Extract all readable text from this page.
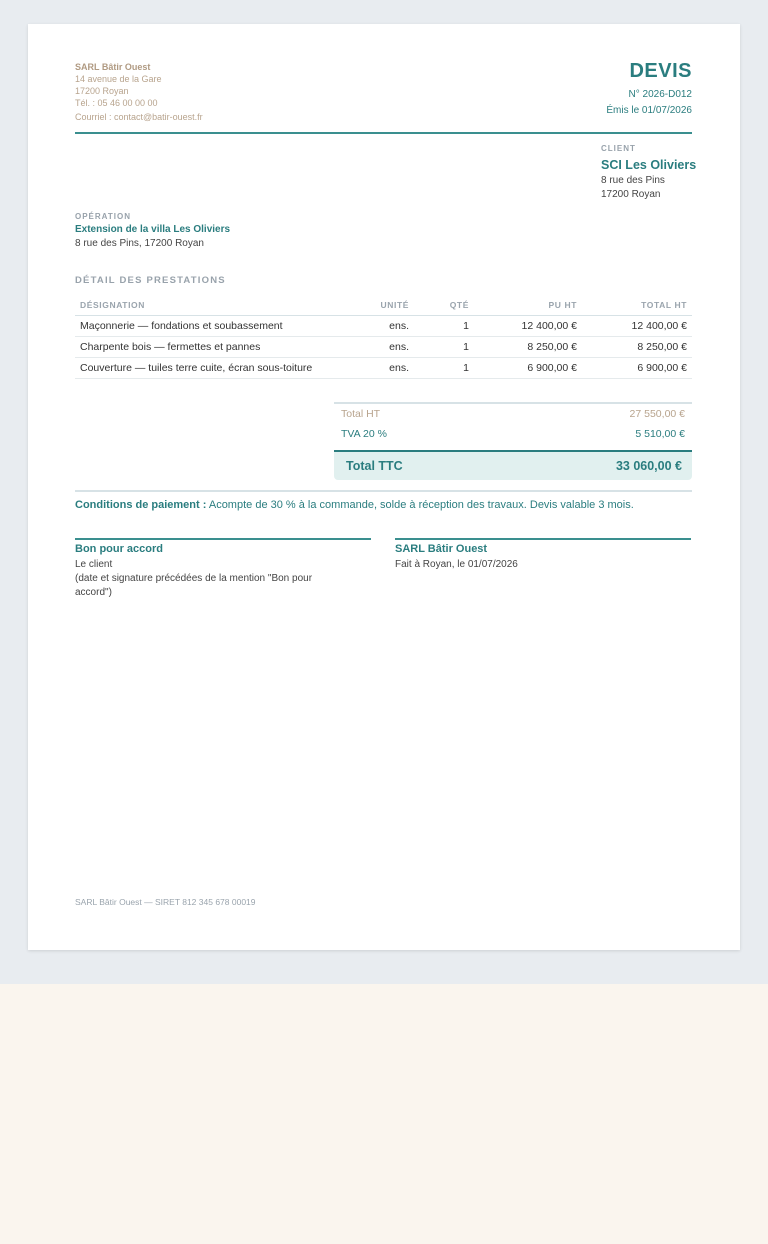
SARL Bâtir Ouest
14 avenue de la Gare
17200 Royan
Tél. : 05 46 00 00 00
Courriel : contact@batir-ouest.fr
DEVIS
N° 2026-D012
Émis le 01/07/2026
CLIENT
SCI Les Oliviers
8 rue des Pins
17200 Royan
OPÉRATION
Extension de la villa Les Oliviers
8 rue des Pins, 17200 Royan
DÉTAIL DES PRESTATIONS
DÉSIGNATION	UNITÉ	QTÉ	PU HT	TOTAL HT
Maçonnerie — fondations et soubassement	ens.	1	12 400,00 €	12 400,00 €
Charpente bois — fermettes et pannes	ens.	1	8 250,00 €	8 250,00 €
Couverture — tuiles terre cuite, écran sous-toiture	ens.	1	6 900,00 €	6 900,00 €
Total HT	27 550,00 €
TVA 20 %	5 510,00 €
Total TTC	33 060,00 €
Conditions de paiement : Acompte de 30 % à la commande, solde à réception des travaux. Devis valable 3 mois.
Bon pour accord
Le client
(date et signature précédées de la mention "Bon pour accord")
SARL Bâtir Ouest
Fait à Royan, le 01/07/2026
SARL Bâtir Ouest — SIRET 812 345 678 00019
